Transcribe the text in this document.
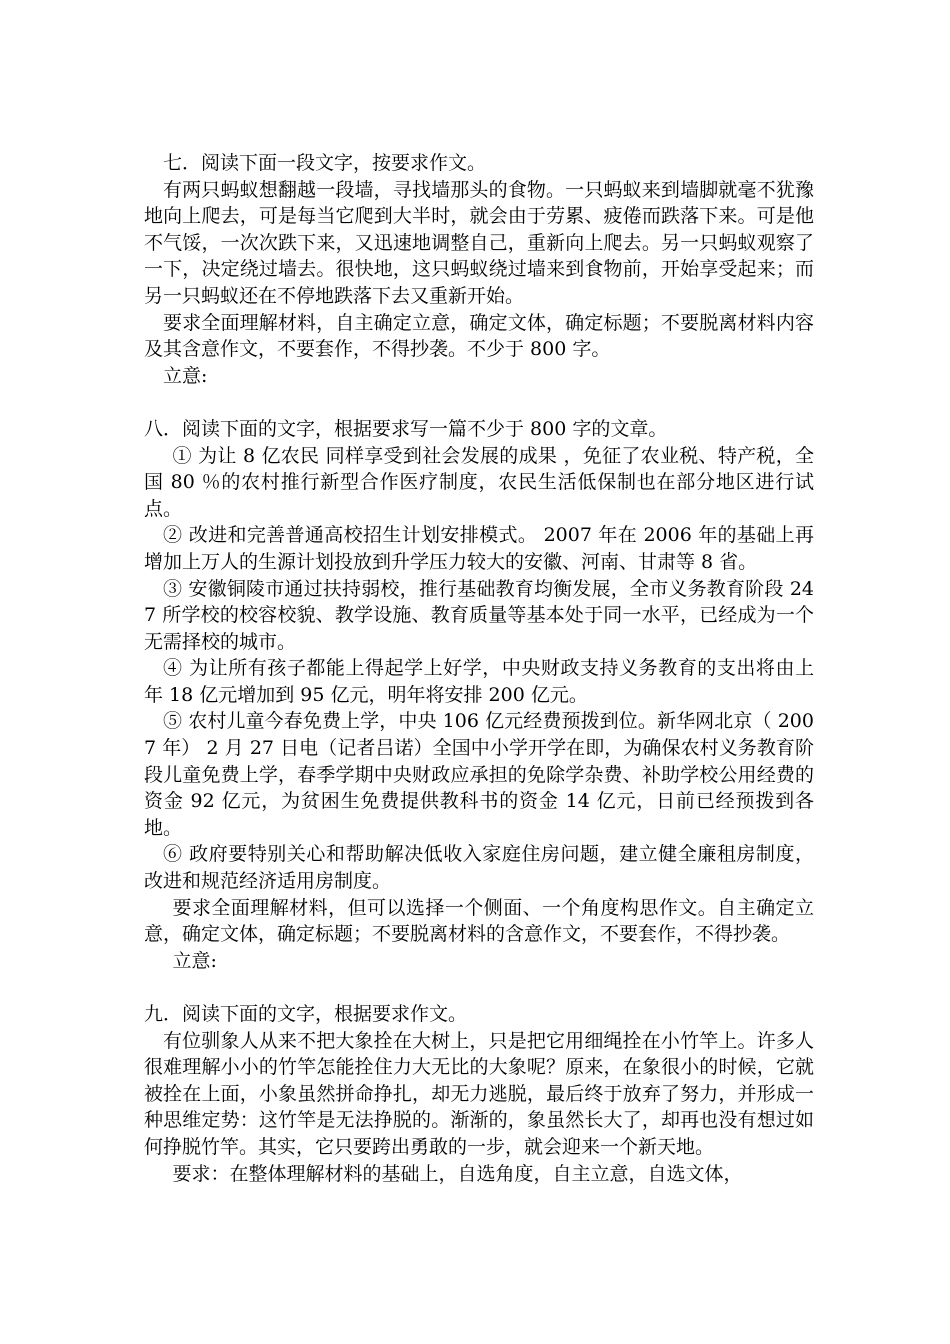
七．阅读下面一段文字，按要求作文。

有两只蚂蚁想翻越一段墙，寻找墙那头的食物。一只蚂蚁来到墙脚就毫不犹豫地向上爬去，可是每当它爬到大半时，就会由于劳累、疲倦而跌落下来。可是他不气馁，一次次跌下来，又迅速地调整自己，重新向上爬去。另一只蚂蚁观察了一下，决定绕过墙去。很快地，这只蚂蚁绕过墙来到食物前，开始享受起来；而另一只蚂蚁还在不停地跌落下去又重新开始。

要求全面理解材料，自主确定立意，确定文体，确定标题；不要脱离材料内容及其含意作文，不要套作，不得抄袭。不少于 800 字。

立意:

八．阅读下面的文字，根据要求写一篇不少于 800 字的文章。

① 为让 8 亿农民 同样享受到社会发展的成果 ，免征了农业税、特产税，全国 80 ％的农村推行新型合作医疗制度，农民生活低保制也在部分地区进行试点。

② 改进和完善普通高校招生计划安排模式。 2007 年在 2006 年的基础上再增加上万人的生源计划投放到升学压力较大的安徽、河南、甘肃等 8 省。

③ 安徽铜陵市通过扶持弱校，推行基础教育均衡发展，全市义务教育阶段 247 所学校的校容校貌、教学设施、教育质量等基本处于同一水平，已经成为一个无需择校的城市。

④ 为让所有孩子都能上得起学上好学，中央财政支持义务教育的支出将由上年 18 亿元增加到 95 亿元，明年将安排 200 亿元。

⑤ 农村儿童今春免费上学，中央 106 亿元经费预拨到位。新华网北京（ 2007 年） 2 月 27 日电（记者吕诺）全国中小学开学在即，为确保农村义务教育阶段儿童免费上学，春季学期中央财政应承担的免除学杂费、补助学校公用经费的资金 92 亿元，为贫困生免费提供教科书的资金 14 亿元，日前已经预拨到各地。

⑥ 政府要特别关心和帮助解决低收入家庭住房问题，建立健全廉租房制度，改进和规范经济适用房制度。

要求全面理解材料，但可以选择一个侧面、一个角度构思作文。自主确定立意，确定文体，确定标题；不要脱离材料的含意作文，不要套作，不得抄袭。

立意:

九．阅读下面的文字，根据要求作文。

有位驯象人从来不把大象拴在大树上，只是把它用细绳拴在小竹竿上。许多人很难理解小小的竹竿怎能拴住力大无比的大象呢？原来，在象很小的时候，它就被拴在上面，小象虽然拼命挣扎，却无力逃脱，最后终于放弃了努力，并形成一种思维定势：这竹竿是无法挣脱的。渐渐的，象虽然长大了，却再也没有想过如何挣脱竹竿。其实，它只要跨出勇敢的一步，就会迎来一个新天地。

要求：在整体理解材料的基础上，自选角度，自主立意，自选文体，
